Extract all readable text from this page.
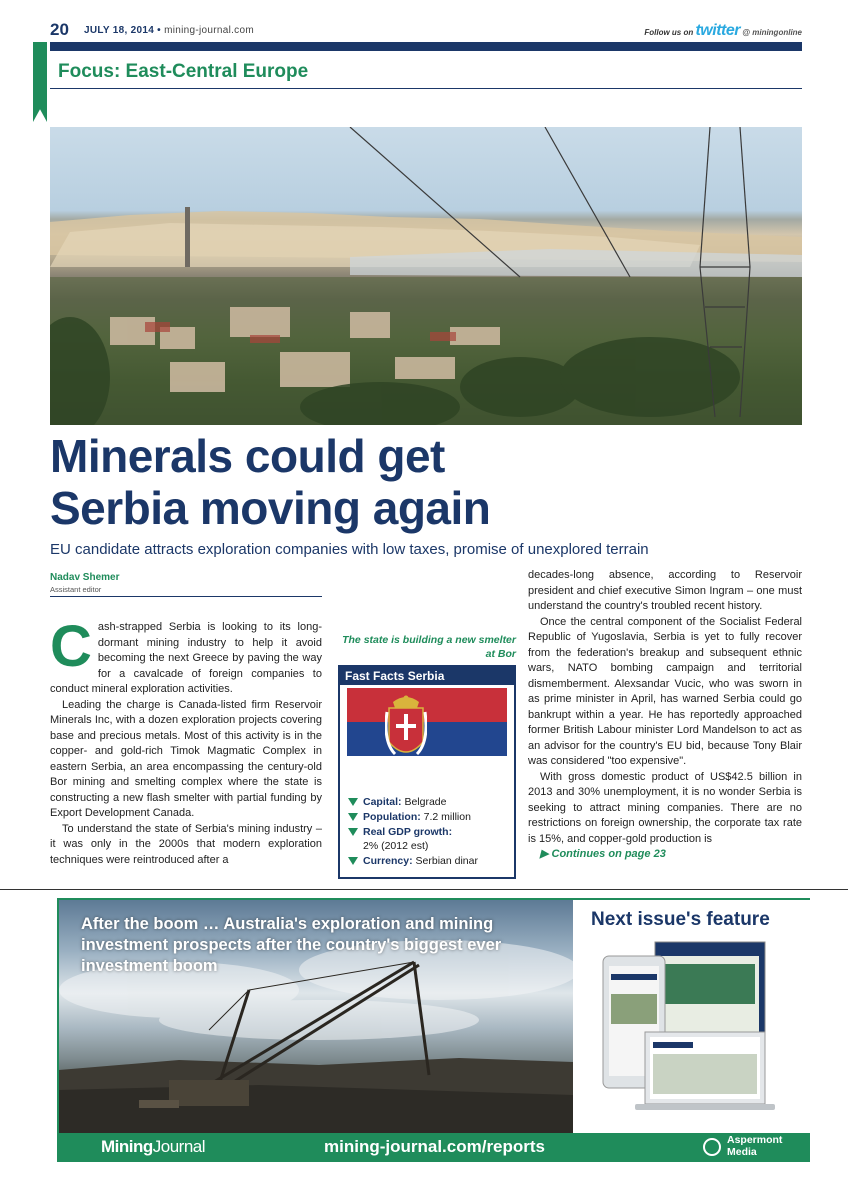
20 JULY 18, 2014 • mining-journal.com	Follow us on twitter @ miningonline
Focus: East-Central Europe
Minerals could get
Serbia moving again
EU candidate attracts exploration companies with low taxes, promise of unexplored terrain
Nadav Shemer
Assistant editor

Cash-strapped Serbia is looking to its long-dormant mining industry to help it avoid becoming the next Greece by paving the way for a cavalcade of foreign companies to conduct mineral exploration activities.

Leading the charge is Canada-listed firm Reservoir Minerals Inc, with a dozen exploration projects covering base and precious metals. Most of this activity is in the copper- and gold-rich Timok Magmatic Complex in eastern Serbia, an area encompassing the century-old Bor mining and smelting complex where the state is constructing a new flash smelter with partial funding by Export Development Canada.

To understand the state of Serbia's mining industry – it was only in the 2000s that modern exploration techniques were reintroduced after a

The state is building a new smelter at Bor
Fast Facts Serbia
Capital: Belgrade
Population: 7.2 million
Real GDP growth:
2% (2012 est)
Currency: Serbian dinar

decades-long absence, according to Reservoir president and chief executive Simon Ingram – one must understand the country's troubled recent history.

Once the central component of the Socialist Federal Republic of Yugoslavia, Serbia is yet to fully recover from the federation's breakup and subsequent ethnic wars, NATO bombing campaign and territorial dismemberment. Alexsandar Vucic, who was sworn in as prime minister in April, has warned Serbia could go bankrupt within a year. He has reportedly approached former British Labour minister Lord Mandelson to act as an advisor for the country's EU bid, because Tony Blair was considered "too expensive".

With gross domestic product of US$42.5 billion in 2013 and 30% unemployment, it is no wonder Serbia is seeking to attract mining companies. There are no restrictions on foreign ownership, the corporate tax rate is 15%, and copper-gold production is

▶ Continues on page 23

After the boom … Australia's exploration and mining investment prospects after the country's biggest ever investment boom
Next issue's feature
MiningJournal	mining-journal.com/reports	Aspermont
Media
